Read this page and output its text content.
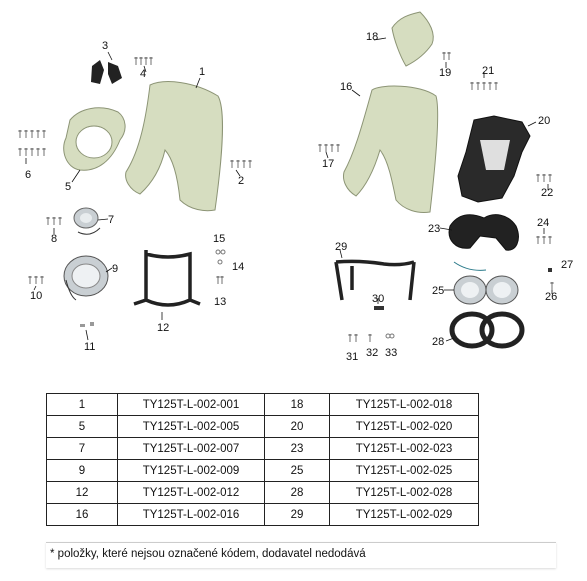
3
4	1
2
5
6
7
8
9
10
11
12
13
14
15
18
19
16
17
21
20
22
23	24
25	26
27
28
29
30
31 32 33
1	TY125T-L-002-001	18	TY125T-L-002-018
5	TY125T-L-002-005	20	TY125T-L-002-020
7	TY125T-L-002-007	23	TY125T-L-002-023
9	TY125T-L-002-009	25	TY125T-L-002-025
12	TY125T-L-002-012	28	TY125T-L-002-028
16	TY125T-L-002-016	29	TY125T-L-002-029
* položky, které nejsou označené kódem, dodavatel nedodává
